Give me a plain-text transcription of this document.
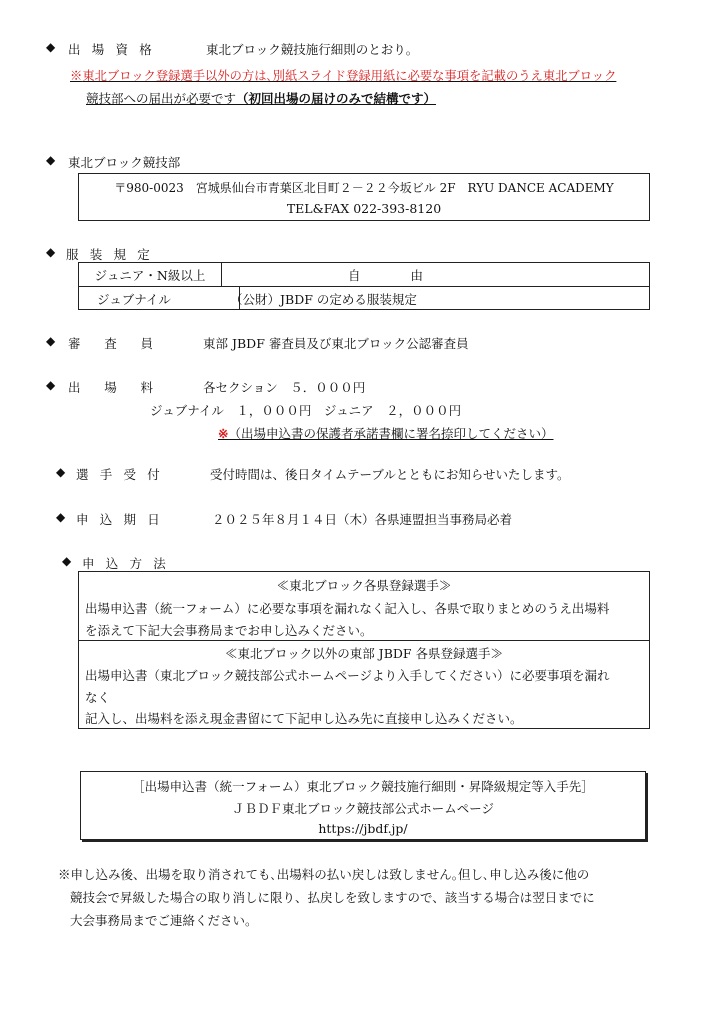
◆ 出場資格	東北ブロック競技施行細則のとおり。
※東北ブロック登録選手以外の方は､別紙スライド登録用紙に必要な事項を記載のうえ東北ブロック
競技部への届出が必要です（初回出場の届けのみで結構です）
◆ 東北ブロック競技部
〒980-0023　宮城県仙台市青葉区北目町２－２２今坂ビル 2F　RYU DANCE ACADEMY
TEL&FAX 022-393-8120
◆ 服装規定
ジュニア・N級以上	自　　　　由
ジュブナイル	（公財）JBDF の定める服装規定
◆ 審査員 東部 JBDF 審査員及び東北ブロック公認審査員
◆ 出場料 各セクション　５．０００円
ジュブナイル　１，０００円　ジュニア　２，０００円
※（出場申込書の保護者承諾書欄に署名捺印してください）
◆ 選手受付	受付時間は、後日タイムテーブルとともにお知らせいたします。
◆ 申込期日	２０２５年８月１４日（木）各県連盟担当事務局必着
◆ 申込方法
≪東北ブロック各県登録選手≫
出場申込書（統一フォーム）に必要な事項を漏れなく記入し、各県で取りまとめのうえ出場料
を添えて下記大会事務局までお申し込みください。
≪東北ブロック以外の東部 JBDF 各県登録選手≫
出場申込書（東北ブロック競技部公式ホームページより入手してください）に必要事項を漏れ
なく
記入し、出場料を添え現金書留にて下記申し込み先に直接申し込みください。
［出場申込書（統一フォーム）東北ブロック競技施行細則・昇降級規定等入手先］
ＪＢＤＦ東北ブロック競技部公式ホームページ
https://jbdf.jp/
※申し込み後、出場を取り消されても､出場料の払い戻しは致しません｡但し､申し込み後に他の
競技会で昇級した場合の取り消しに限り、払戻しを致しますので、該当する場合は翌日までに
大会事務局までご連絡ください。
